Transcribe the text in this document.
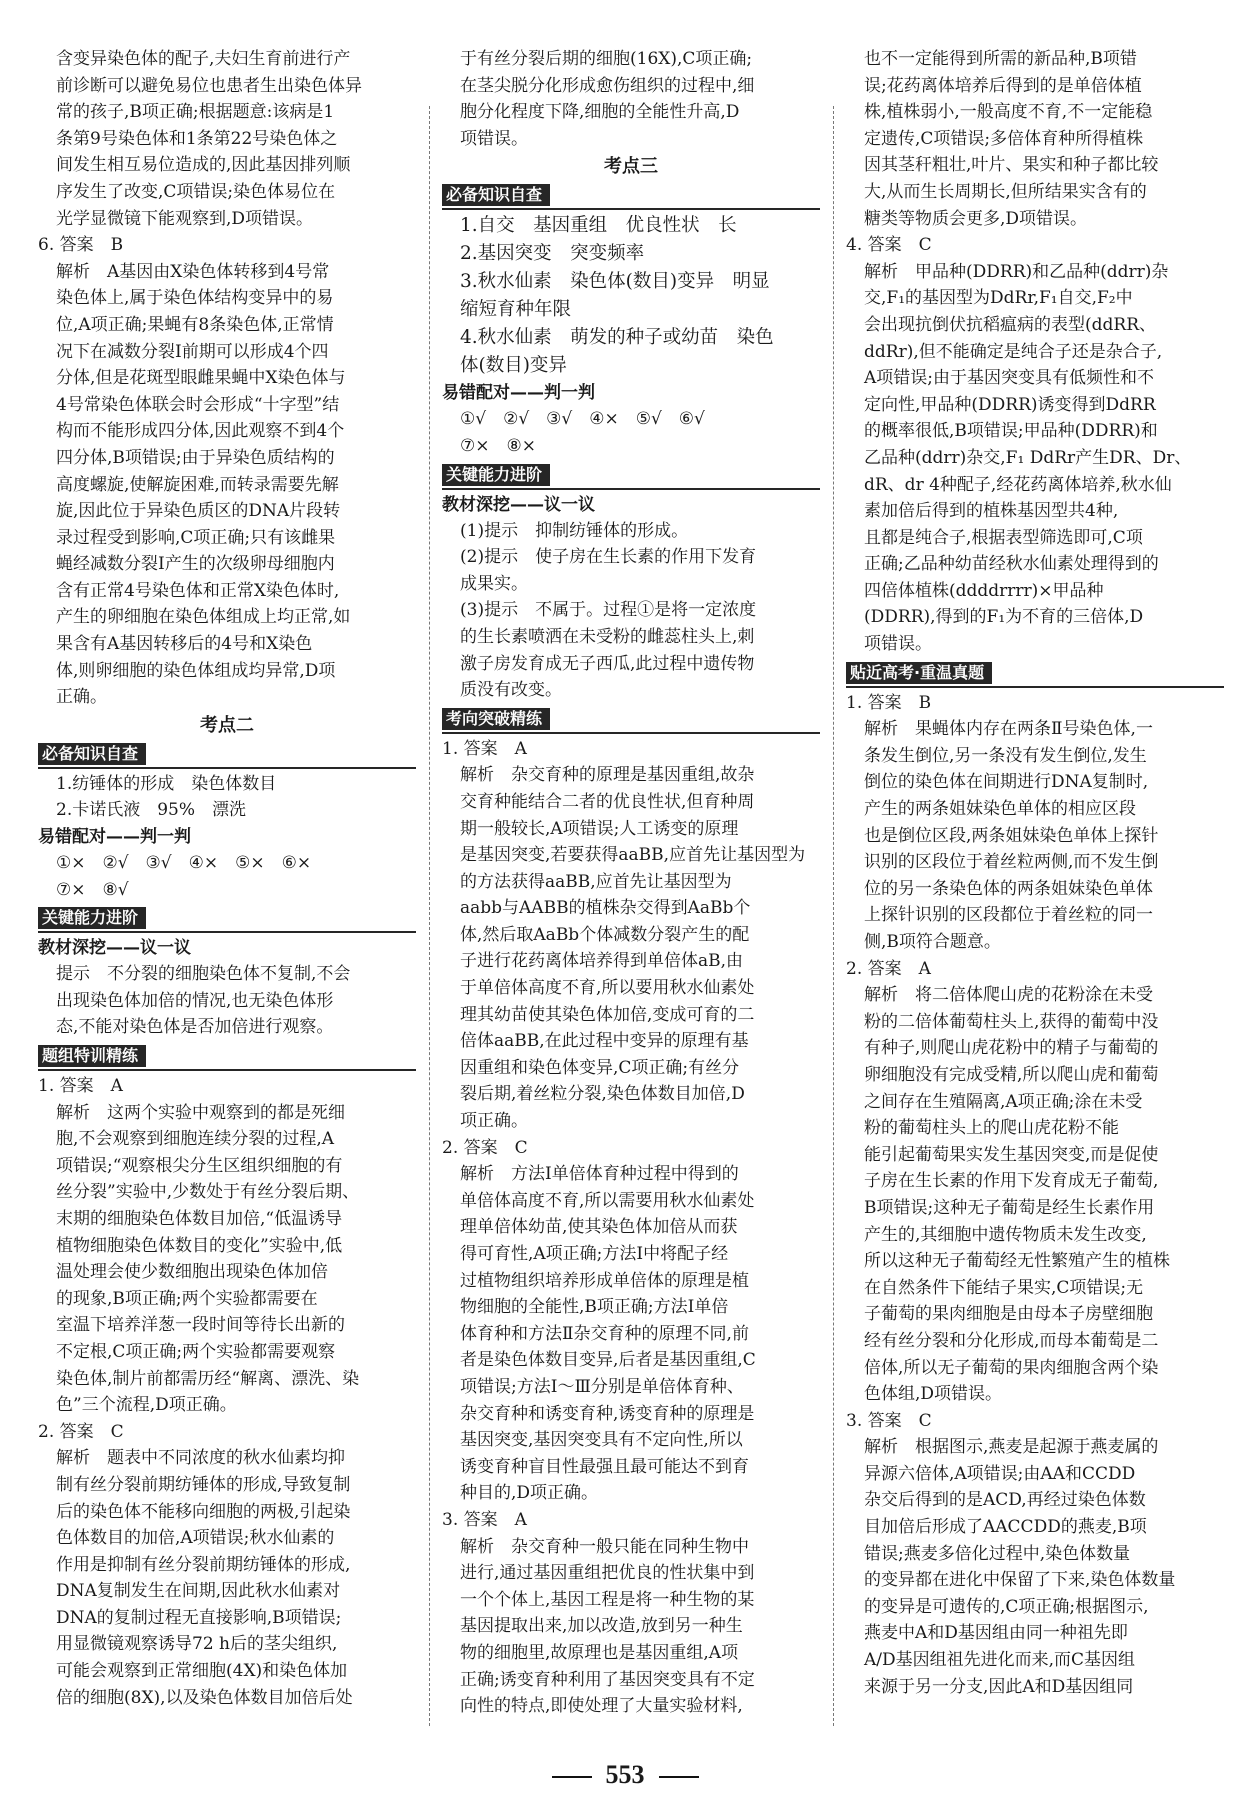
含变异染色体的配子,夫妇生育前进行产
前诊断可以避免易位也患者生出染色体异
常的孩子,B项正确;根据题意:该病是1
条第9号染色体和1条第22号染色体之
间发生相互易位造成的,因此基因排列顺
序发生了改变,C项错误;染色体易位在
光学显微镜下能观察到,D项错误。
6. 答案　B
解析　A基因由X染色体转移到4号常
染色体上,属于染色体结构变异中的易
位,A项正确;果蝇有8条染色体,正常情
况下在减数分裂Ⅰ前期可以形成4个四
分体,但是花斑型眼雌果蝇中X染色体与
4号常染色体联会时会形成“十字型”结
构而不能形成四分体,因此观察不到4个
四分体,B项错误;由于异染色质结构的
高度螺旋,使解旋困难,而转录需要先解
旋,因此位于异染色质区的DNA片段转
录过程受到影响,C项正确;只有该雌果
蝇经减数分裂Ⅰ产生的次级卵母细胞内
含有正常4号染色体和正常X染色体时,
产生的卵细胞在染色体组成上均正常,如
果含有A基因转移后的4号和X染色
体,则卵细胞的染色体组成均异常,D项
正确。
考点二
必备知识自查
1.纺锤体的形成　染色体数目
2.卡诺氏液　95%　漂洗
易错配对——判一判
①×　②√　③√　④×　⑤×　⑥×
⑦×　⑧√
关键能力进阶
教材深挖——议一议
提示　不分裂的细胞染色体不复制,不会
出现染色体加倍的情况,也无染色体形
态,不能对染色体是否加倍进行观察。
题组特训精练
1. 答案　A
解析　这两个实验中观察到的都是死细
胞,不会观察到细胞连续分裂的过程,A
项错误;“观察根尖分生区组织细胞的有
丝分裂”实验中,少数处于有丝分裂后期、
末期的细胞染色体数目加倍,“低温诱导
植物细胞染色体数目的变化”实验中,低
温处理会使少数细胞出现染色体加倍
的现象,B项正确;两个实验都需要在
室温下培养洋葱一段时间等待长出新的
不定根,C项正确;两个实验都需要观察
染色体,制片前都需历经“解离、漂洗、染
色”三个流程,D项正确。
2. 答案　C
解析　题表中不同浓度的秋水仙素均抑
制有丝分裂前期纺锤体的形成,导致复制
后的染色体不能移向细胞的两极,引起染
色体数目的加倍,A项错误;秋水仙素的
作用是抑制有丝分裂前期纺锤体的形成,
DNA复制发生在间期,因此秋水仙素对
DNA的复制过程无直接影响,B项错误;
用显微镜观察诱导72 h后的茎尖组织,
可能会观察到正常细胞(4X)和染色体加
倍的细胞(8X),以及染色体数目加倍后处
于有丝分裂后期的细胞(16X),C项正确;
在茎尖脱分化形成愈伤组织的过程中,细
胞分化程度下降,细胞的全能性升高,D
项错误。
考点三
必备知识自查
1.自交　基因重组　优良性状　长
2.基因突变　突变频率
3.秋水仙素　染色体(数目)变异　明显
缩短育种年限
4.秋水仙素　萌发的种子或幼苗　染色
体(数目)变异
易错配对——判一判
①√　②√　③√　④×　⑤√　⑥√
⑦×　⑧×
关键能力进阶
教材深挖——议一议
(1)提示　抑制纺锤体的形成。
(2)提示　使子房在生长素的作用下发育
成果实。
(3)提示　不属于。过程①是将一定浓度
的生长素喷洒在未受粉的雌蕊柱头上,刺
激子房发育成无子西瓜,此过程中遗传物
质没有改变。
考向突破精练
1. 答案　A
解析　杂交育种的原理是基因重组,故杂
交育种能结合二者的优良性状,但育种周
期一般较长,A项错误;人工诱变的原理
是基因突变,若要获得aaBB,应首先让基因型为
的方法获得aaBB,应首先让基因型为
aabb与AABB的植株杂交得到AaBb个
体,然后取AaBb个体减数分裂产生的配
子进行花药离体培养得到单倍体aB,由
于单倍体高度不育,所以要用秋水仙素处
理其幼苗使其染色体加倍,变成可育的二
倍体aaBB,在此过程中变异的原理有基
因重组和染色体变异,C项正确;有丝分
裂后期,着丝粒分裂,染色体数目加倍,D
项正确。
2. 答案　C
解析　方法Ⅰ单倍体育种过程中得到的
单倍体高度不育,所以需要用秋水仙素处
理单倍体幼苗,使其染色体加倍从而获
得可育性,A项正确;方法Ⅰ中将配子经
过植物组织培养形成单倍体的原理是植
物细胞的全能性,B项正确;方法Ⅰ单倍
体育种和方法Ⅱ杂交育种的原理不同,前
者是染色体数目变异,后者是基因重组,C
项错误;方法Ⅰ～Ⅲ分别是单倍体育种、
杂交育种和诱变育种,诱变育种的原理是
基因突变,基因突变具有不定向性,所以
诱变育种盲目性最强且最可能达不到育
种目的,D项正确。
3. 答案　A
解析　杂交育种一般只能在同种生物中
进行,通过基因重组把优良的性状集中到
一个个体上,基因工程是将一种生物的某
基因提取出来,加以改造,放到另一种生
物的细胞里,故原理也是基因重组,A项
正确;诱变育种利用了基因突变具有不定
向性的特点,即使处理了大量实验材料,
也不一定能得到所需的新品种,B项错
误;花药离体培养后得到的是单倍体植
株,植株弱小,一般高度不育,不一定能稳
定遗传,C项错误;多倍体育种所得植株
因其茎秆粗壮,叶片、果实和种子都比较
大,从而生长周期长,但所结果实含有的
糖类等物质会更多,D项错误。
4. 答案　C
解析　甲品种(DDRR)和乙品种(ddrr)杂
交,F₁的基因型为DdRr,F₁自交,F₂中
会出现抗倒伏抗稻瘟病的表型(ddRR、
ddRr),但不能确定是纯合子还是杂合子,
A项错误;由于基因突变具有低频性和不
定向性,甲品种(DDRR)诱变得到DdRR
的概率很低,B项错误;甲品种(DDRR)和
乙品种(ddrr)杂交,F₁ DdRr产生DR、Dr、
dR、dr 4种配子,经花药离体培养,秋水仙
素加倍后得到的植株基因型共4种,
且都是纯合子,根据表型筛选即可,C项
正确;乙品种幼苗经秋水仙素处理得到的
四倍体植株(ddddrrrr)×甲品种
(DDRR),得到的F₁为不育的三倍体,D
项错误。
贴近高考·重温真题
1. 答案　B
解析　果蝇体内存在两条Ⅱ号染色体,一
条发生倒位,另一条没有发生倒位,发生
倒位的染色体在间期进行DNA复制时,
产生的两条姐妹染色单体的相应区段
也是倒位区段,两条姐妹染色单体上探针
识别的区段位于着丝粒两侧,而不发生倒
位的另一条染色体的两条姐妹染色单体
上探针识别的区段都位于着丝粒的同一
侧,B项符合题意。
2. 答案　A
解析　将二倍体爬山虎的花粉涂在未受
粉的二倍体葡萄柱头上,获得的葡萄中没
有种子,则爬山虎花粉中的精子与葡萄的
卵细胞没有完成受精,所以爬山虎和葡萄
之间存在生殖隔离,A项正确;涂在未受
粉的葡萄柱头上的爬山虎花粉不能
能引起葡萄果实发生基因突变,而是促使
子房在生长素的作用下发育成无子葡萄,
B项错误;这种无子葡萄是经生长素作用
产生的,其细胞中遗传物质未发生改变,
所以这种无子葡萄经无性繁殖产生的植株
在自然条件下能结子果实,C项错误;无
子葡萄的果肉细胞是由母本子房壁细胞
经有丝分裂和分化形成,而母本葡萄是二
倍体,所以无子葡萄的果肉细胞含两个染
色体组,D项错误。
3. 答案　C
解析　根据图示,燕麦是起源于燕麦属的
异源六倍体,A项错误;由AA和CCDD
杂交后得到的是ACD,再经过染色体数
目加倍后形成了AACCDD的燕麦,B项
错误;燕麦多倍化过程中,染色体数量
的变异都在进化中保留了下来,染色体数量
的变异是可遗传的,C项正确;根据图示,
燕麦中A和D基因组由同一种祖先即
A/D基因组祖先进化而来,而C基因组
来源于另一分支,因此A和D基因组同
553
